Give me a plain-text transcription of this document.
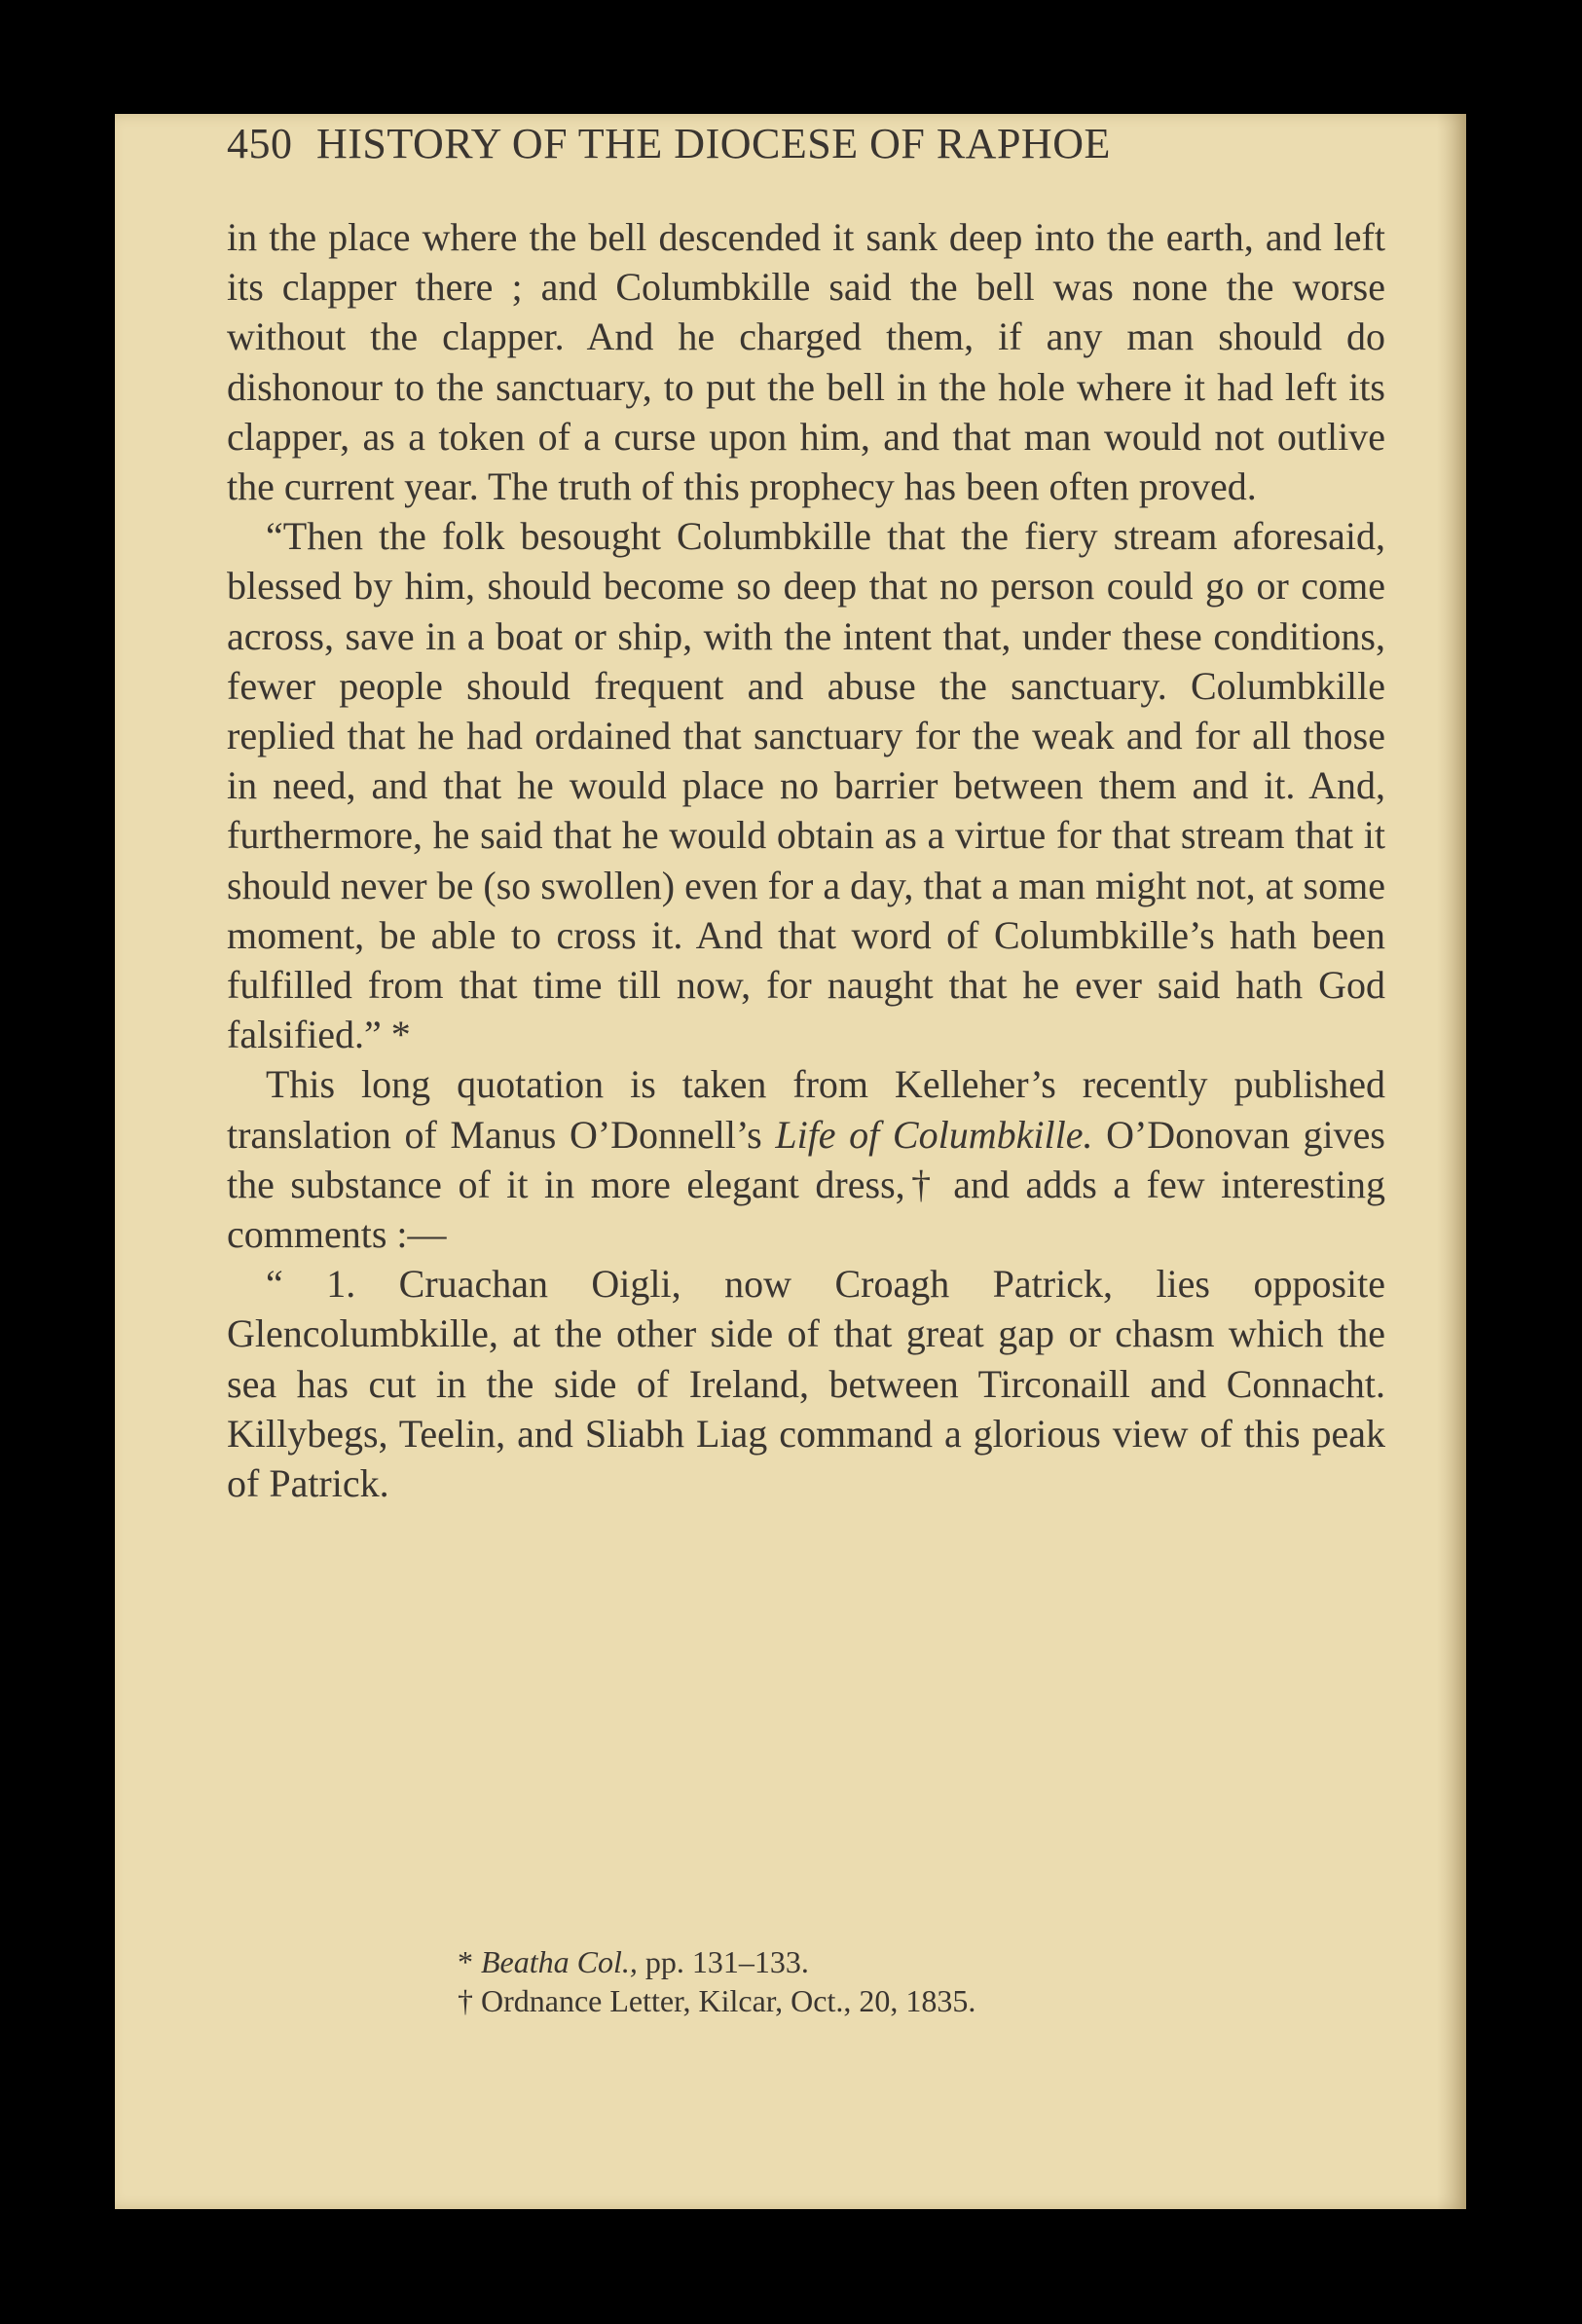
450 HISTORY OF THE DIOCESE OF RAPHOE

in the place where the bell descended it sank deep into the earth, and left its clapper there ; and Columbkille said the bell was none the worse without the clapper. And he charged them, if any man should do dishonour to the sanctuary, to put the bell in the hole where it had left its clapper, as a token of a curse upon him, and that man would not outlive the current year. The truth of this prophecy has been often proved.

“Then the folk besought Columbkille that the fiery stream aforesaid, blessed by him, should become so deep that no person could go or come across, save in a boat or ship, with the intent that, under these conditions, fewer people should frequent and abuse the sanctuary. Columbkille replied that he had ordained that sanctuary for the weak and for all those in need, and that he would place no barrier between them and it. And, furthermore, he said that he would obtain as a virtue for that stream that it should never be (so swollen) even for a day, that a man might not, at some moment, be able to cross it. And that word of Columbkille’s hath been fulfilled from that time till now, for naught that he ever said hath God falsified.” *

This long quotation is taken from Kelleher’s recently published translation of Manus O’Donnell’s Life of Columbkille. O’Donovan gives the substance of it in more elegant dress,† and adds a few interesting comments :—

“ 1. Cruachan Oigli, now Croagh Patrick, lies opposite Glencolumbkille, at the other side of that great gap or chasm which the sea has cut in the side of Ireland, between Tirconaill and Connacht. Killybegs, Teelin, and Sliabh Liag command a glorious view of this peak of Patrick.

* Beatha Col., pp. 131–133.

† Ordnance Letter, Kilcar, Oct., 20, 1835.
